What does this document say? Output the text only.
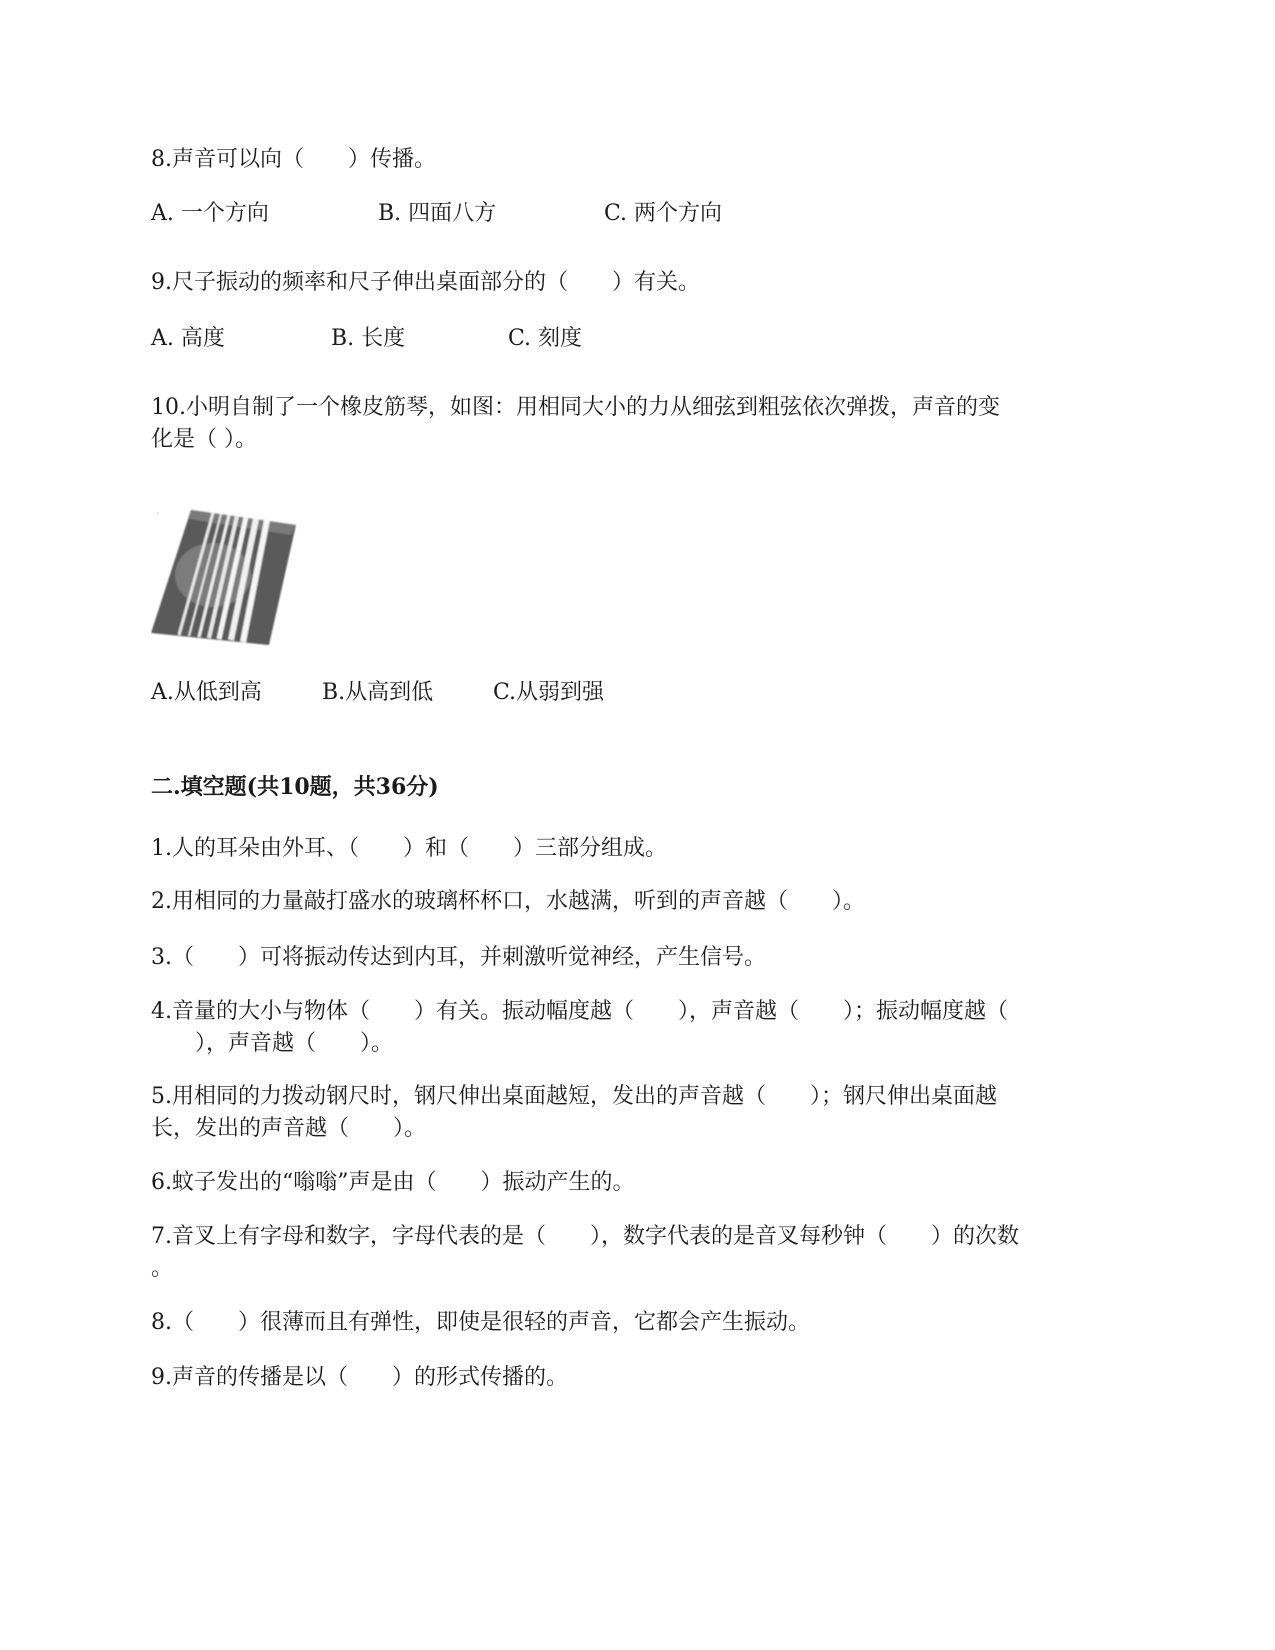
8.声音可以向（　　）传播。
A. 一个方向	B. 四面八方	C. 两个方向
9.尺子振动的频率和尺子伸出桌面部分的（　　）有关。
A. 高度	B. 长度	C. 刻度
10.小明自制了一个橡皮筋琴，如图：用相同大小的力从细弦到粗弦依次弹拨，声音的变
化是（ ）。
·
A.从低到高	B.从高到低	C.从弱到强
二.填空题(共10题，共36分)
1.人的耳朵由外耳、（　　）和（　　）三部分组成。
2.用相同的力量敲打盛水的玻璃杯杯口，水越满，听到的声音越（　　）。
3.（　　）可将振动传达到内耳，并刺激听觉神经，产生信号。
4.音量的大小与物体（　　）有关。振动幅度越（　　），声音越（　　）；振动幅度越（
　　），声音越（　　）。
5.用相同的力拨动钢尺时，钢尺伸出桌面越短，发出的声音越（　　）；钢尺伸出桌面越
长，发出的声音越（　　）。
6.蚊子发出的“嗡嗡”声是由（　　）振动产生的。
7.音叉上有字母和数字，字母代表的是（　　），数字代表的是音叉每秒钟（　　）的次数
。
8.（　　）很薄而且有弹性，即使是很轻的声音，它都会产生振动。
9.声音的传播是以（　　）的形式传播的。
